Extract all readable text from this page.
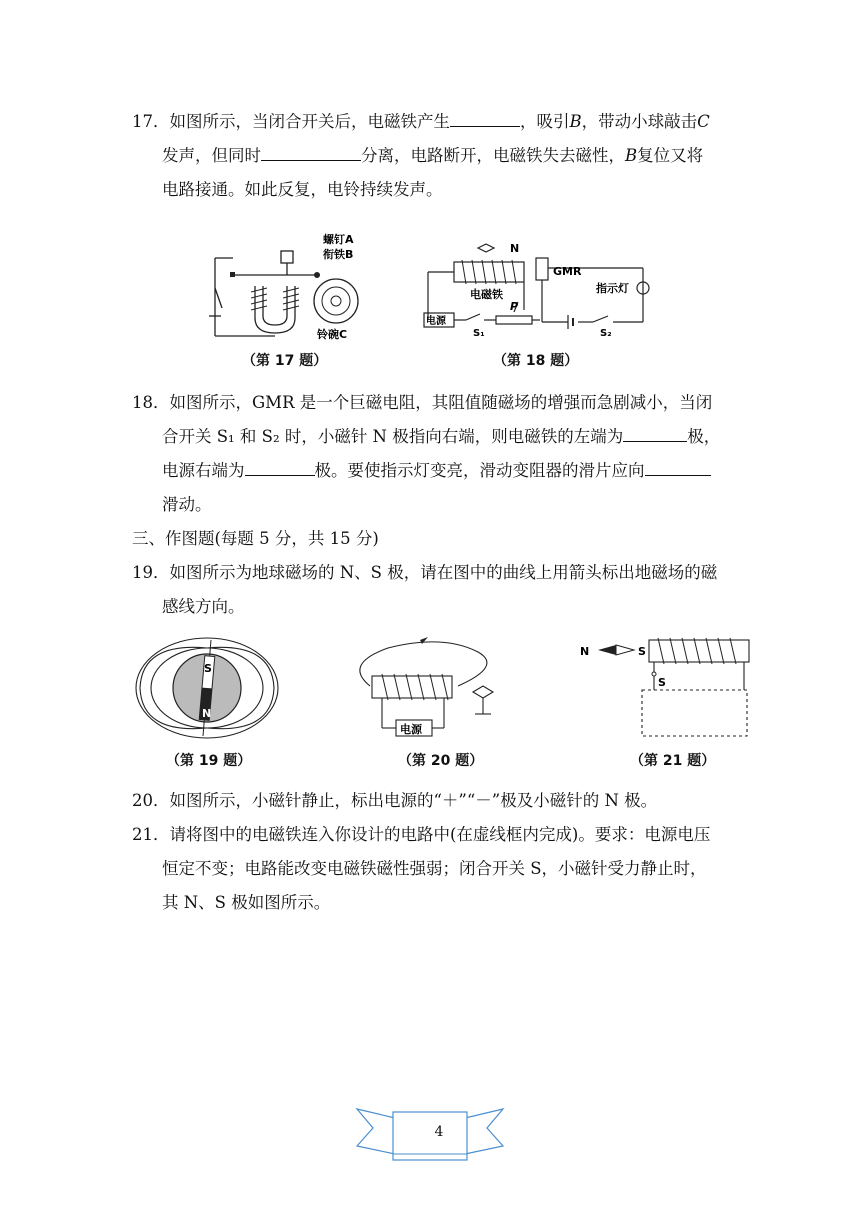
17．如图所示，当闭合开关后，电磁铁产生	，吸引B，带动小球敲击C

发声，但同时	分离，电路断开，电磁铁失去磁性，B复位又将
电路接通。如此反复，电铃持续发声。
螺钉A
衔铁B
铃碗C
（第 17 题）
N
GMR
电磁铁	指示灯
P
电源
S₁	S₂
（第 18 题）
18．如图所示，GMR 是一个巨磁电阻，其阻值随磁场的增强而急剧减小，当闭

合开关 S₁ 和 S₂ 时，小磁针 N 极指向右端，则电磁铁的左端为	极，
电源右端为	极。要使指示灯变亮，滑动变阻器的滑片应向
滑动。
三、作图题(每题 5 分，共 15 分)
19．如图所示为地球磁场的 N、S 极，请在图中的曲线上用箭头标出地磁场的磁

感线方向。
S
N
（第 19 题）
电源
（第 20 题）
N	S
S
（第 21 题）
20．如图所示，小磁针静止，标出电源的“＋”“－”极及小磁针的 N 极。
21．请将图中的电磁铁连入你设计的电路中(在虚线框内完成)。要求：电源电压

恒定不变；电路能改变电磁铁磁性强弱；闭合开关 S，小磁针受力静止时，
其 N、S 极如图所示。
4
